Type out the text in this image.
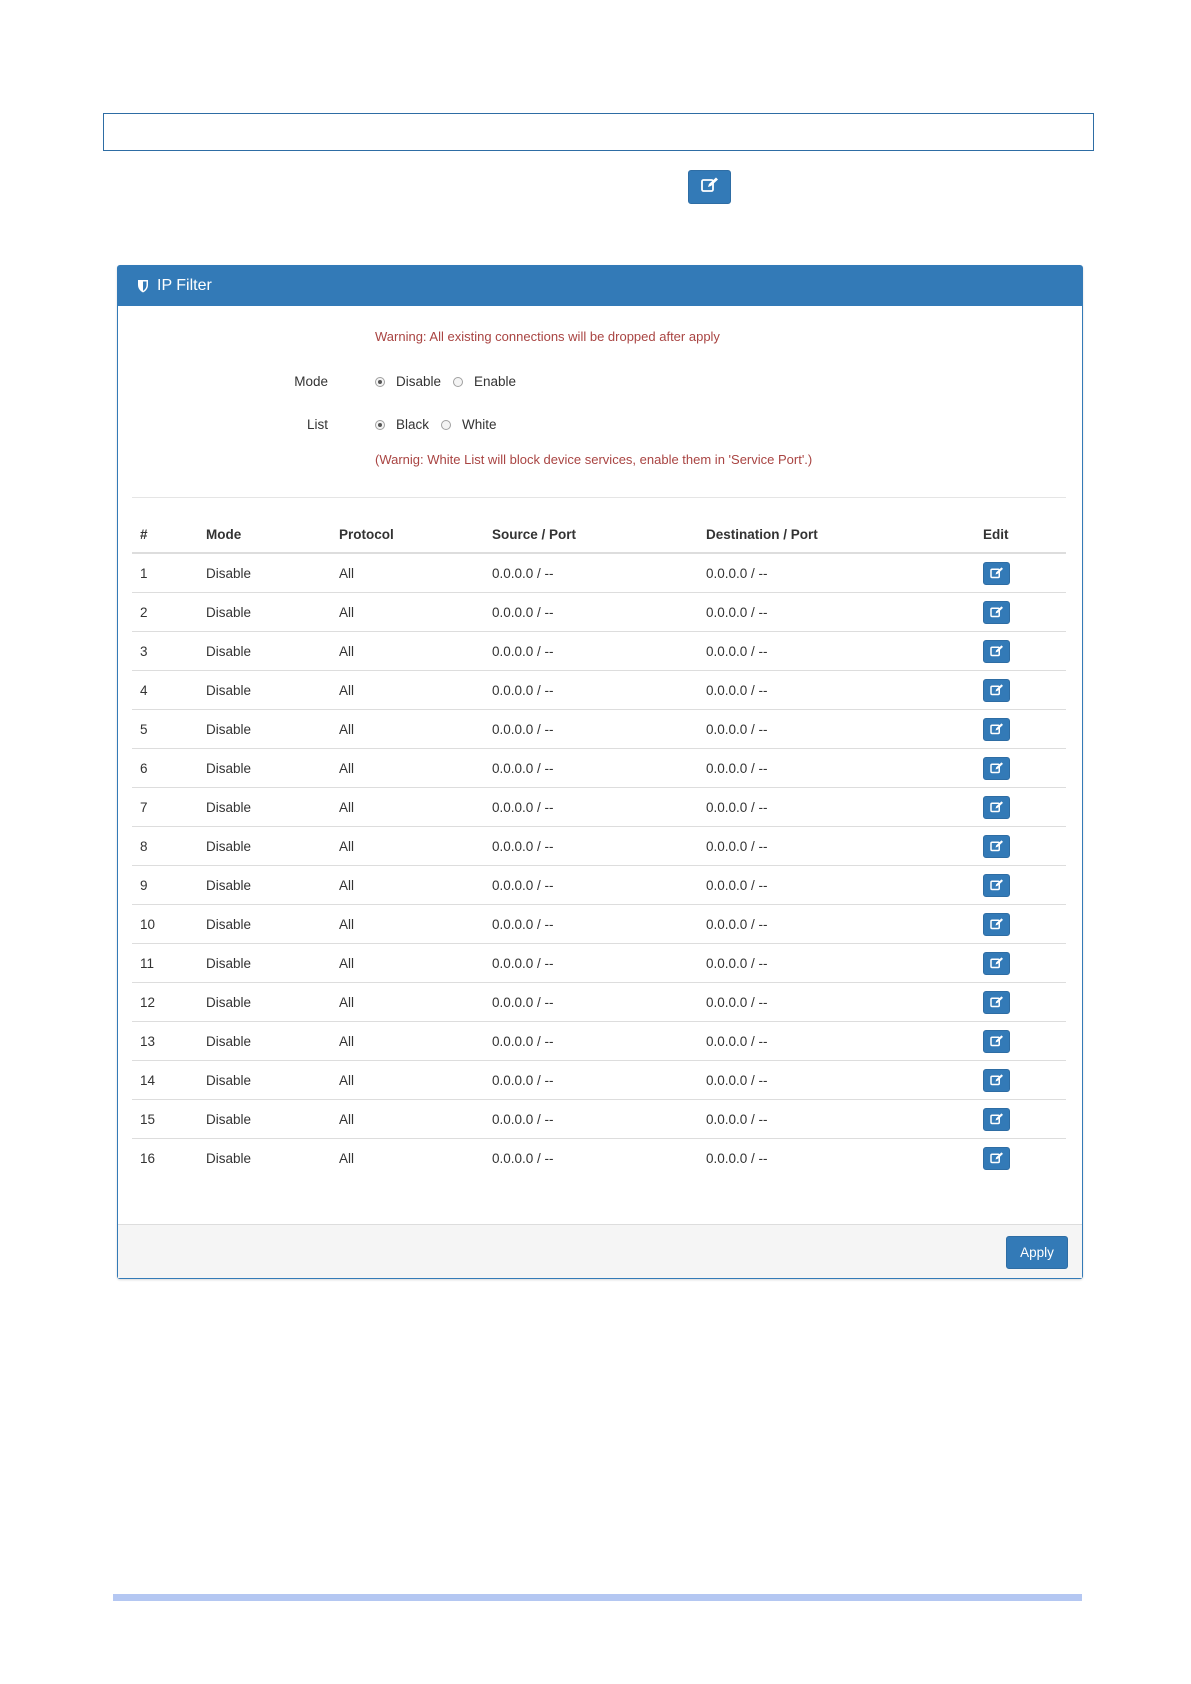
IP Filter
Warning: All existing connections will be dropped after apply
Mode	Disable Enable
List	Black White
(Warnig: White List will block device services, enable them in 'Service Port'.)
#	Mode	Protocol	Source / Port	Destination / Port	Edit
1	Disable	All	0.0.0.0 / --	0.0.0.0 / --	

2	Disable	All	0.0.0.0 / --	0.0.0.0 / --	

3	Disable	All	0.0.0.0 / --	0.0.0.0 / --	

4	Disable	All	0.0.0.0 / --	0.0.0.0 / --	

5	Disable	All	0.0.0.0 / --	0.0.0.0 / --	

6	Disable	All	0.0.0.0 / --	0.0.0.0 / --	

7	Disable	All	0.0.0.0 / --	0.0.0.0 / --	

8	Disable	All	0.0.0.0 / --	0.0.0.0 / --	

9	Disable	All	0.0.0.0 / --	0.0.0.0 / --	

10	Disable	All	0.0.0.0 / --	0.0.0.0 / --	

11	Disable	All	0.0.0.0 / --	0.0.0.0 / --	

12	Disable	All	0.0.0.0 / --	0.0.0.0 / --	

13	Disable	All	0.0.0.0 / --	0.0.0.0 / --	

14	Disable	All	0.0.0.0 / --	0.0.0.0 / --	

15	Disable	All	0.0.0.0 / --	0.0.0.0 / --	

16	Disable	All	0.0.0.0 / --	0.0.0.0 / --	
Apply
